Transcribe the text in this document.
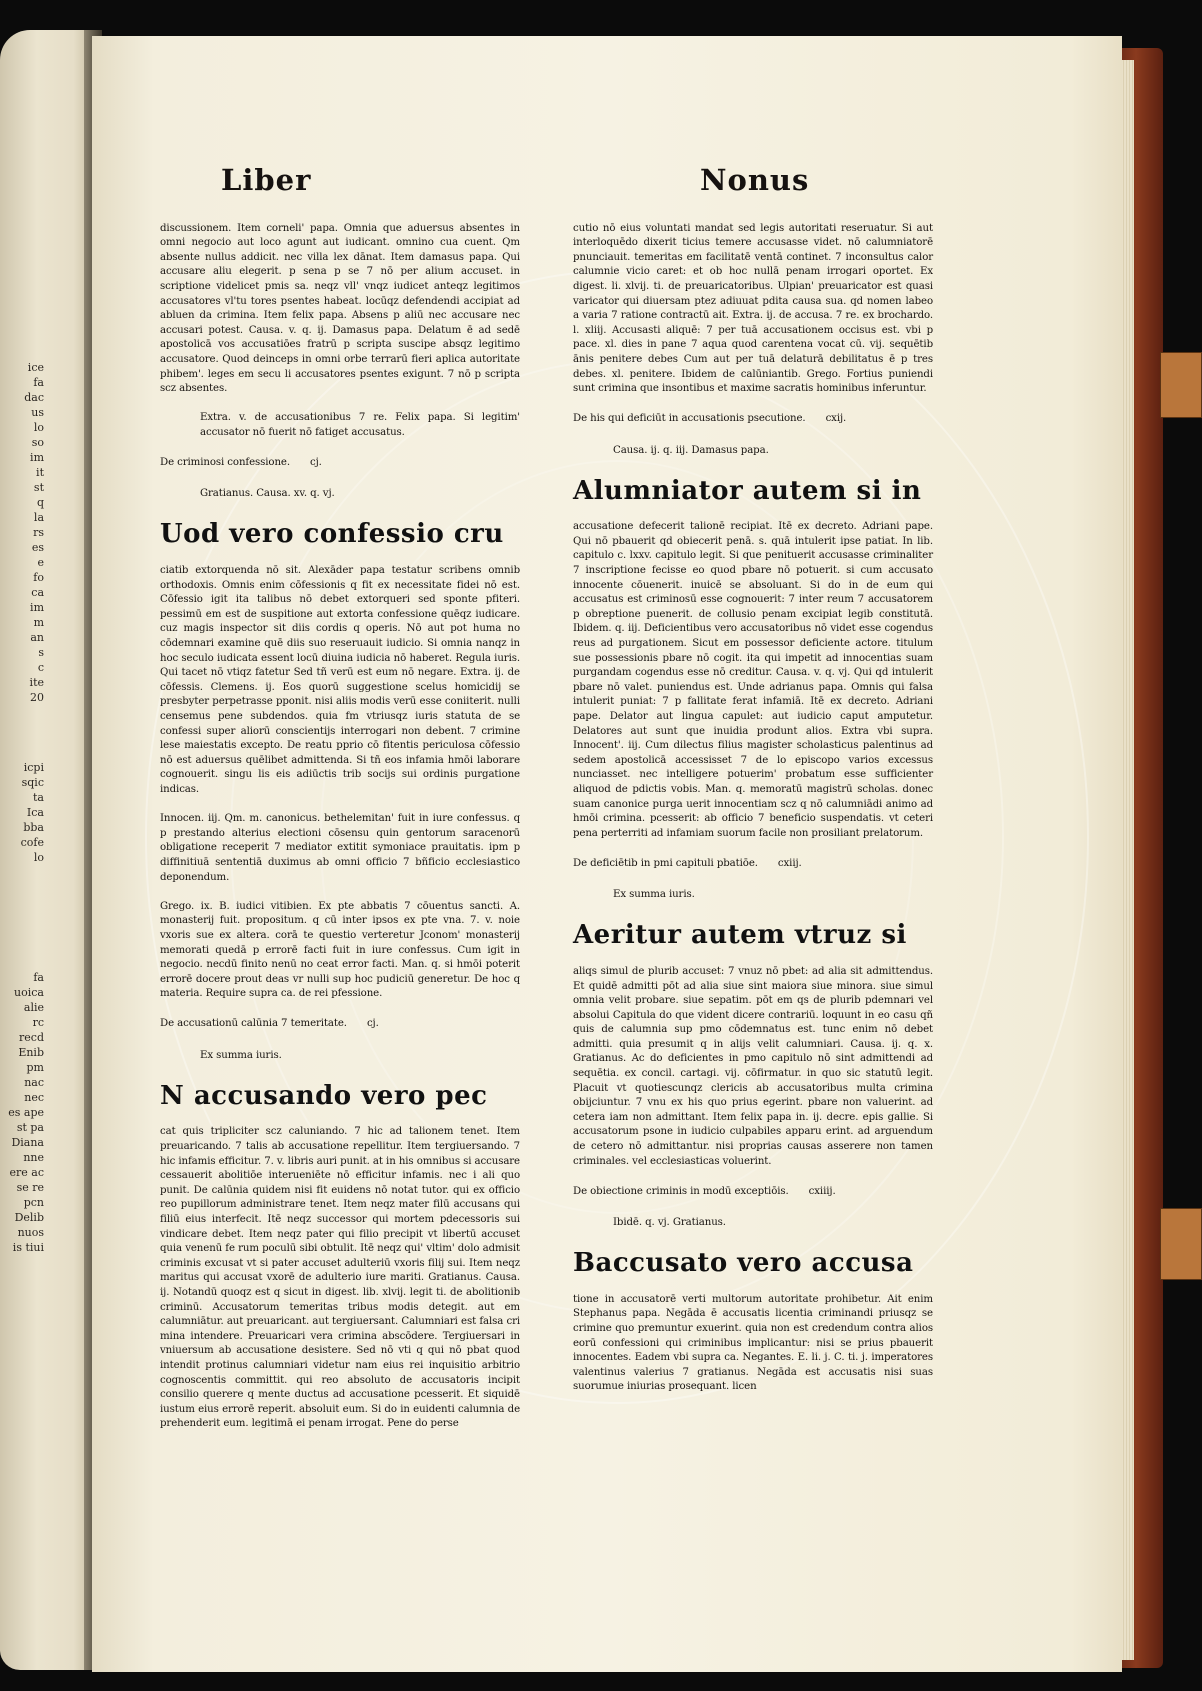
ice
fa
dac
us
lo
so
im
it
st
q
la
rs
es
e
fo
ca
im
m
an
s
c
ite
20
icpi
sqic
ta
Ica
bba
cofe
lo
fa
uoica
alie
rc
recd
Enib
pm
nac
nec
es ape
st pa
Diana
nne
ere ac
se re
pcn
Delib
nuos
is tiui
Liber	Nonus

discussionem. Item corneli' papa. Omnia que aduersus absentes in omni negocio aut loco agunt aut iudicant. omnino cua cuent. Qm absente nullus addicit. nec villa lex dānat. Item damasus papa. Qui accusare aliu elegerit. p sena p se 7 nō per alium accuset. in scriptione videlicet pmis sa. neqz vll' vnqz iudicet anteqz legitimos accusatores vl'tu tores psentes habeat. locūqz defendendi accipiat ad abluen da crimina. Item felix papa. Absens p aliū nec accusare nec accusari potest. Causa. v. q. ij. Damasus papa. Delatum ē ad sedē apostolicā vos accusatiōes fratrū p scripta suscipe absqz legitimo accusatore. Quod deinceps in omni orbe terrarū fieri aplica autoritate phibem'. leges em secu li accusatores psentes exigunt. 7 nō p scripta scz absentes.

Extra. v. de accusationibus 7 re. Felix papa. Si legitim' accusator nō fuerit nō fatiget accusatus.

De criminosi confessione. cj.

Gratianus. Causa. xv. q. vj.

Uod vero confessio cru

ciatib extorquenda nō sit. Alexāder papa testatur scribens omnib orthodoxis. Omnis enim cōfessionis q fit ex necessitate fidei nō est. Cōfessio igit ita talibus nō debet extorqueri sed sponte pfiteri. pessimū em est de suspitione aut extorta confessione quēqz iudicare. cuz magis inspector sit diis cordis q operis. Nō aut pot huma no cōdemnari examine quē diis suo reseruauit iudicio. Si omnia nanqz in hoc seculo iudicata essent locū diuina iudicia nō haberet. Regula iuris. Qui tacet nō vtiqz fatetur Sed tñ verū est eum nō negare. Extra. ij. de cōfessis. Clemens. ij. Eos quorū suggestione scelus homicidij se presbyter perpetrasse pponit. nisi aliis modis verū esse coniiterit. nulli censemus pene subdendos. quia fm vtriusqz iuris statuta de se confessi super aliorū conscientijs interrogari non debent. 7 crimine lese maiestatis excepto. De reatu pprio cō fitentis periculosa cōfessio nō est aduersus quēlibet admittenda. Si tñ eos infamia hmōi laborare cognouerit. singu lis eis adiūctis trib socijs sui ordinis purgatione indicas.

Innocen. iij. Qm. m. canonicus. bethelemitan' fuit in iure confessus. q p prestando alterius electioni cōsensu quin gentorum saracenorū obligatione receperit 7 mediator extitit symoniace prauitatis. ipm p diffinitiuā sententiā duximus ab omni officio 7 bñficio ecclesiastico deponendum.

Grego. ix. B. iudici vitibien. Ex pte abbatis 7 cōuentus sancti. A. monasterij fuit. propositum. q cū inter ipsos ex pte vna. 7. v. noie vxoris sue ex altera. corā te questio verteretur Jconom' monasterij memorati quedā p errorē facti fuit in iure confessus. Cum igit in negocio. necdū finito nenū no ceat error facti. Man. q. si hmōi poterit errorē docere prout deas vr nulli sup hoc pudiciū generetur. De hoc q materia. Require supra ca. de rei pfessione.

De accusationū calūnia 7 temeritate. cj.

Ex summa iuris.

N accusando vero pec

cat quis tripliciter scz caluniando. 7 hic ad talionem tenet. Item preuaricando. 7 talis ab accusatione repellitur. Item tergiuersando. 7 hic infamis efficitur. 7. v. libris auri punit. at in his omnibus si accusare cessauerit abolitiōe interueniēte nō efficitur infamis. nec i ali quo punit. De calūnia quidem nisi fit euidens nō notat tutor. qui ex officio reo pupillorum administrare tenet. Item neqz mater filū accusans qui filiū eius interfecit. Itē neqz successor qui mortem pdecessoris sui vindicare debet. Item neqz pater qui filio precipit vt libertū accuset quia venenū fe rum poculū sibi obtulit. Itē neqz qui' vltim' dolo admisit criminis excusat vt si pater accuset adulteriū vxoris filij sui. Item neqz maritus qui accusat vxorē de adulterio iure mariti. Gratianus. Causa. ij. Notandū quoqz est q sicut in digest. lib. xlvij. legit ti. de abolitionib criminū. Accusatorum temeritas tribus modis detegit. aut em calumniātur. aut preuaricant. aut tergiuersant. Calumniari est falsa cri mina intendere. Preuaricari vera crimina abscōdere. Tergiuersari in vniuersum ab accusatione desistere. Sed nō vti q qui nō pbat quod intendit protinus calumniari videtur nam eius rei inquisitio arbitrio cognoscentis committit. qui reo absoluto de accusatoris incipit consilio querere q mente ductus ad accusatione pcesserit. Et siquidē iustum eius errorē reperit. absoluit eum. Si do in euidenti calumnia de prehenderit eum. legitimā ei penam irrogat. Pene do perse

cutio nō eius voluntati mandat sed legis autoritati reseruatur. Si aut interloquēdo dixerit ticius temere accusasse videt. nō calumniatorē pnunciauit. temeritas em facilitatē ventā continet. 7 inconsultus calor calumnie vicio caret: et ob hoc nullā penam irrogari oportet. Ex digest. li. xlvij. ti. de preuaricatoribus. Ulpian' preuaricator est quasi varicator qui diuersam ptez adiuuat pdita causa sua. qd nomen labeo a varia 7 ratione contractū ait. Extra. ij. de accusa. 7 re. ex brochardo. l. xliij. Accusasti aliquē: 7 per tuā accusationem occisus est. vbi p pace. xl. dies in pane 7 aqua quod carentena vocat cū. vij. sequētib ānis penitere debes Cum aut per tuā delaturā debilitatus ē p tres debes. xl. penitere. Ibidem de calūniantib. Grego. Fortius puniendi sunt crimina que insontibus et maxime sacratis hominibus inferuntur.

De his qui deficiūt in accusationis psecutione. cxij.

Causa. ij. q. iij. Damasus papa.

Alumniator autem si in

accusatione defecerit talionē recipiat. Itē ex decreto. Adriani pape. Qui nō pbauerit qd obiecerit penā. s. quā intulerit ipse patiat. In lib. capitulo c. lxxv. capitulo legit. Si que penituerit accusasse criminaliter 7 inscriptione fecisse eo quod pbare nō potuerit. si cum accusato innocente cōuenerit. inuicē se absoluant. Si do in de eum qui accusatus est criminosū esse cognouerit: 7 inter reum 7 accusatorem p obreptione puenerit. de collusio penam excipiat legib constitutā. Ibidem. q. iij. Deficientibus vero accusatoribus nō videt esse cogendus reus ad purgationem. Sicut em possessor deficiente actore. titulum sue possessionis pbare nō cogit. ita qui impetit ad innocentias suam purgandam cogendus esse nō creditur. Causa. v. q. vj. Qui qd intulerit pbare nō valet. puniendus est. Unde adrianus papa. Omnis qui falsa intulerit puniat: 7 p fallitate ferat infamiā. Itē ex decreto. Adriani pape. Delator aut lingua capulet: aut iudicio caput amputetur. Delatores aut sunt que inuidia produnt alios. Extra vbi supra. Innocent'. iij. Cum dilectus filius magister scholasticus palentinus ad sedem apostolicā accessisset 7 de lo episcopo varios excessus nunciasset. nec intelligere potuerim' probatum esse sufficienter aliquod de pdictis vobis. Man. q. memoratū magistrū scholas. donec suam canonice purga uerit innocentiam scz q nō calumniādi animo ad hmōi crimina. pcesserit: ab officio 7 beneficio suspendatis. vt ceteri pena perterriti ad infamiam suorum facile non prosiliant prelatorum.

De deficiētib in pmi capituli pbatiōe. cxiij.

Ex summa iuris.

Aeritur autem vtruz si

aliqs simul de plurib accuset: 7 vnuz nō pbet: ad alia sit admittendus. Et quidē admitti pōt ad alia siue sint maiora siue minora. siue simul omnia velit probare. siue sepatim. pōt em qs de plurib pdemnari vel absolui Capitula do que vident dicere contrariū. loquunt in eo casu qñ quis de calumnia sup pmo cōdemnatus est. tunc enim nō debet admitti. quia presumit q in alijs velit calumniari. Causa. ij. q. x. Gratianus. Ac do deficientes in pmo capitulo nō sint admittendi ad sequētia. ex concil. cartagi. vij. cōfirmatur. in quo sic statutū legit. Placuit vt quotiescunqz clericis ab accusatoribus multa crimina obijciuntur. 7 vnu ex his quo prius egerint. pbare non valuerint. ad cetera iam non admittant. Item felix papa in. ij. decre. epis gallie. Si accusatorum psone in iudicio culpabiles apparu erint. ad arguendum de cetero nō admittantur. nisi proprias causas asserere non tamen criminales. vel ecclesiasticas voluerint.

De obiectione criminis in modū exceptiōis. cxiiij.

Ibidē. q. vj. Gratianus.

Baccusato vero accusa

tione in accusatorē verti multorum autoritate prohibetur. Ait enim Stephanus papa. Negāda ē accusatis licentia criminandi priusqz se crimine quo premuntur exuerint. quia non est credendum contra alios eorū confessioni qui criminibus implicantur: nisi se prius pbauerit innocentes. Eadem vbi supra ca. Negantes. E. li. j. C. ti. j. imperatores valentinus valerius 7 gratianus. Negāda est accusatis nisi suas suorumue iniurias prosequant. licen
